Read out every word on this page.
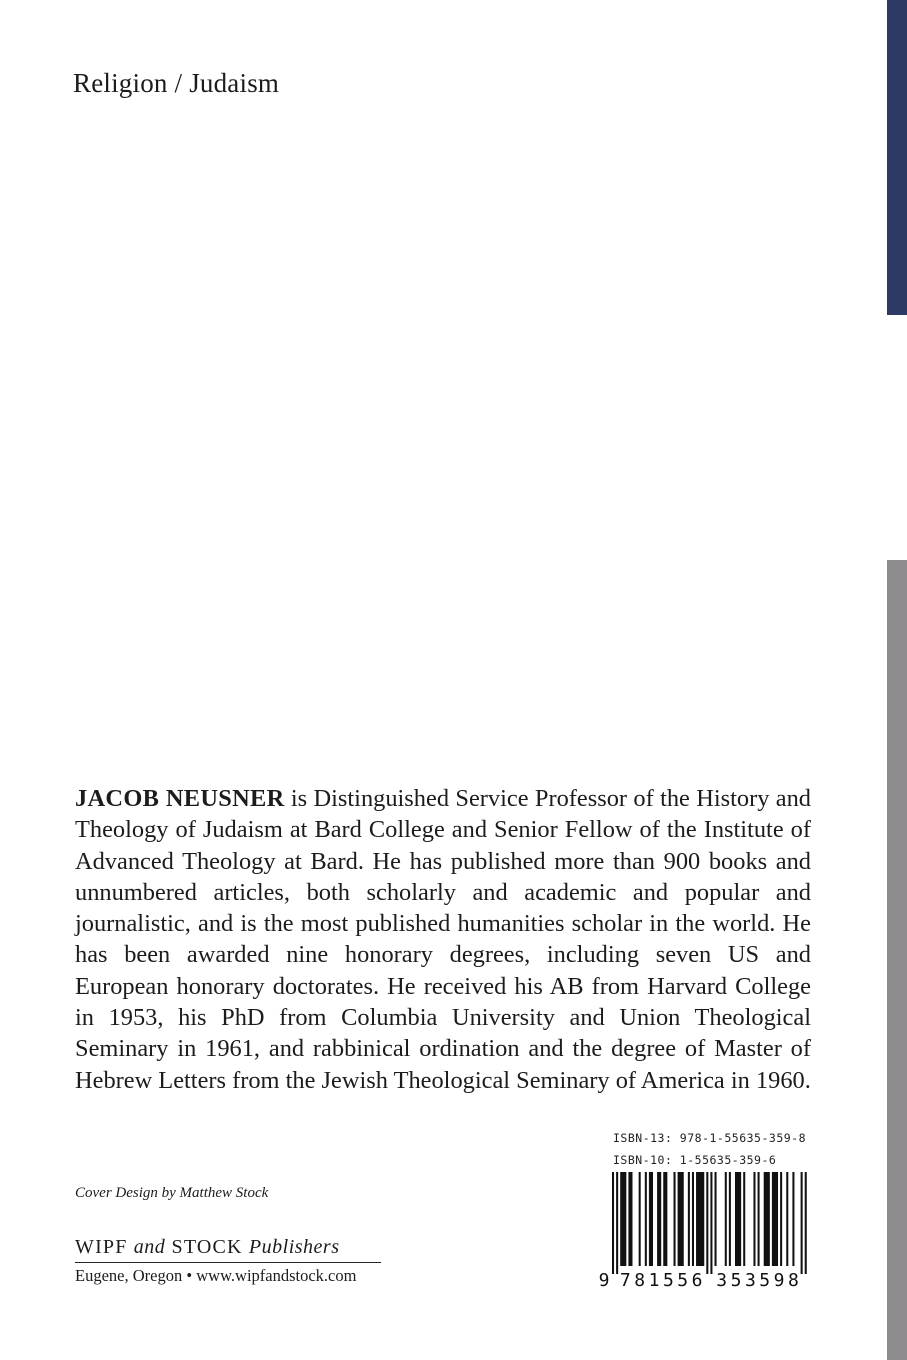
Religion / Judaism
JACOB NEUSNER is Distinguished Service Professor of the History and Theology of Judaism at Bard College and Senior Fellow of the Institute of Advanced Theology at Bard. He has published more than 900 books and unnumbered articles, both scholarly and academic and popular and journalistic, and is the most published humanities scholar in the world. He has been awarded nine honorary degrees, including seven US and European honorary doctorates. He received his AB from Harvard College in 1953, his PhD from Columbia University and Union Theological Seminary in 1961, and rabbinical ordination and the degree of Master of Hebrew Letters from the Jewish Theological Seminary of America in 1960.
Cover Design by Matthew Stock
WIPF and STOCK Publishers
Eugene, Oregon • www.wipfandstock.com
ISBN-13: 978-1-55635-359-8
ISBN-10: 1-55635-359-6
9 7 8 1 5 5 6 3 5 3 5 9 8
